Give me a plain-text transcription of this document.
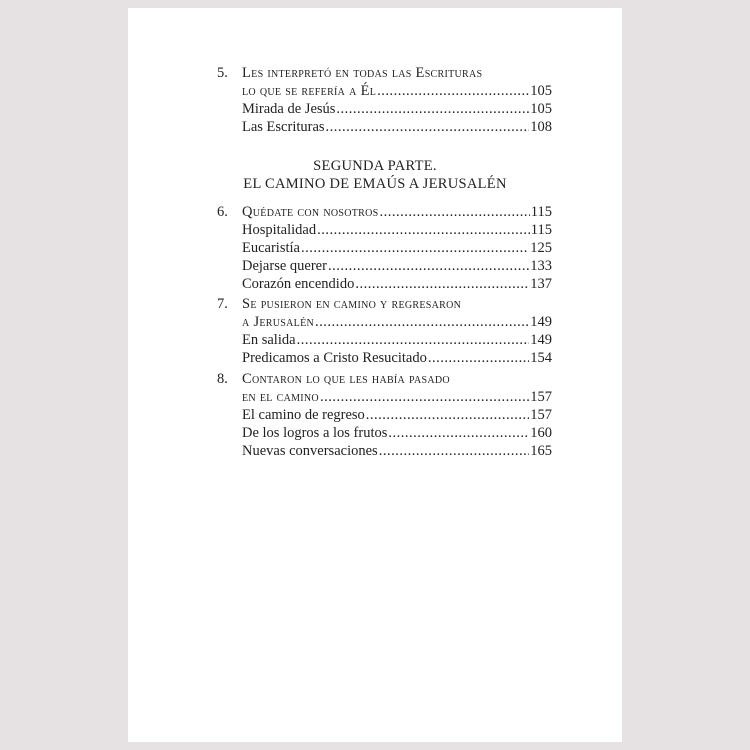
5. Les interpretó en todas las Escrituras
lo que se refería a Él .....	105
Mirada de Jesús .....	105
Las Escrituras .....	108
SEGUNDA PARTE.
EL CAMINO DE EMAÚS A JERUSALÉN
6. Quédate con nosotros .....	115
Hospitalidad .....	115
Eucaristía .....	125
Dejarse querer .....	133
Corazón encendido .....	137
7. Se pusieron en camino y regresaron
a Jerusalén .....	149
En salida .....	149
Predicamos a Cristo Resucitado .....	154
8. Contaron lo que les había pasado
en el camino .....	157
El camino de regreso .....	157
De los logros a los frutos .....	160
Nuevas conversaciones .....	165
